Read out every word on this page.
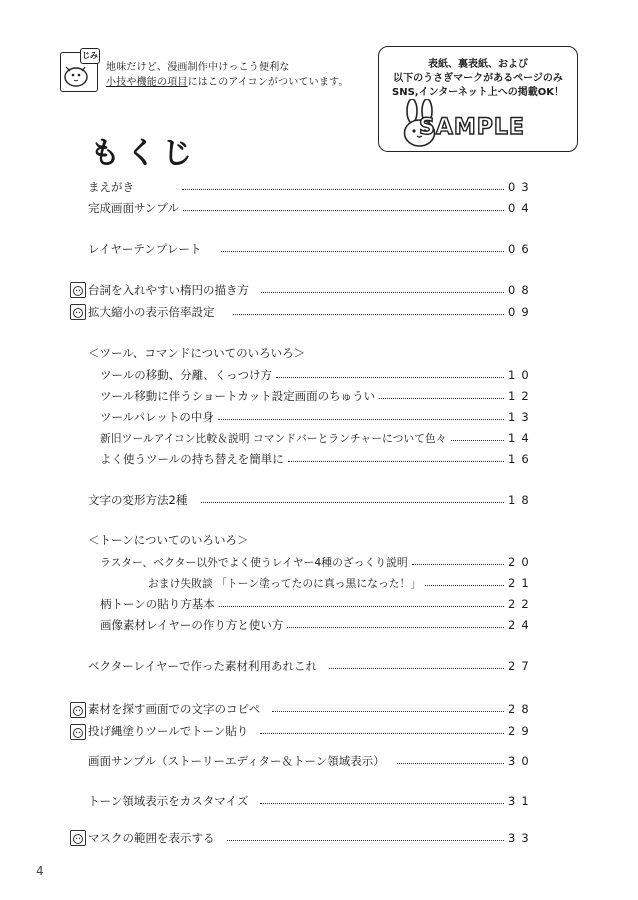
じみ
地味だけど、漫画制作中けっこう便利な
小技や機能の項目にはこのアイコンがついています。
表紙、裏表紙、および
以下のうさぎマークがあるページのみ
SNS,インターネット上への掲載OK！
SAMPLE
もくじ
まえがき	03
完成画面サンプル	04
レイヤーテンプレート	06
台詞を入れやすい楕円の描き方	08
拡大縮小の表示倍率設定	09
＜ツール、コマンドについてのいろいろ＞
ツールの移動、分離、くっつけ方	10
ツール移動に伴うショートカット設定画面のちゅうい	12
ツールパレットの中身	13
新旧ツールアイコン比較＆説明 コマンドバーとランチャーについて色々	14
よく使うツールの持ち替えを簡単に	16
文字の変形方法2種	18
＜トーンについてのいろいろ＞
ラスター、ベクター以外でよく使うレイヤー4種のざっくり説明	20
おまけ失敗談 「トーン塗ってたのに真っ黒になった！」	21
柄トーンの貼り方基本	22
画像素材レイヤーの作り方と使い方	24
ベクターレイヤーで作った素材利用あれこれ	27
素材を探す画面での文字のコピペ	28
投げ縄塗りツールでトーン貼り	29
画面サンプル（ストーリーエディター＆トーン領域表示）	30
トーン領域表示をカスタマイズ	31
マスクの範囲を表示する	33
4
